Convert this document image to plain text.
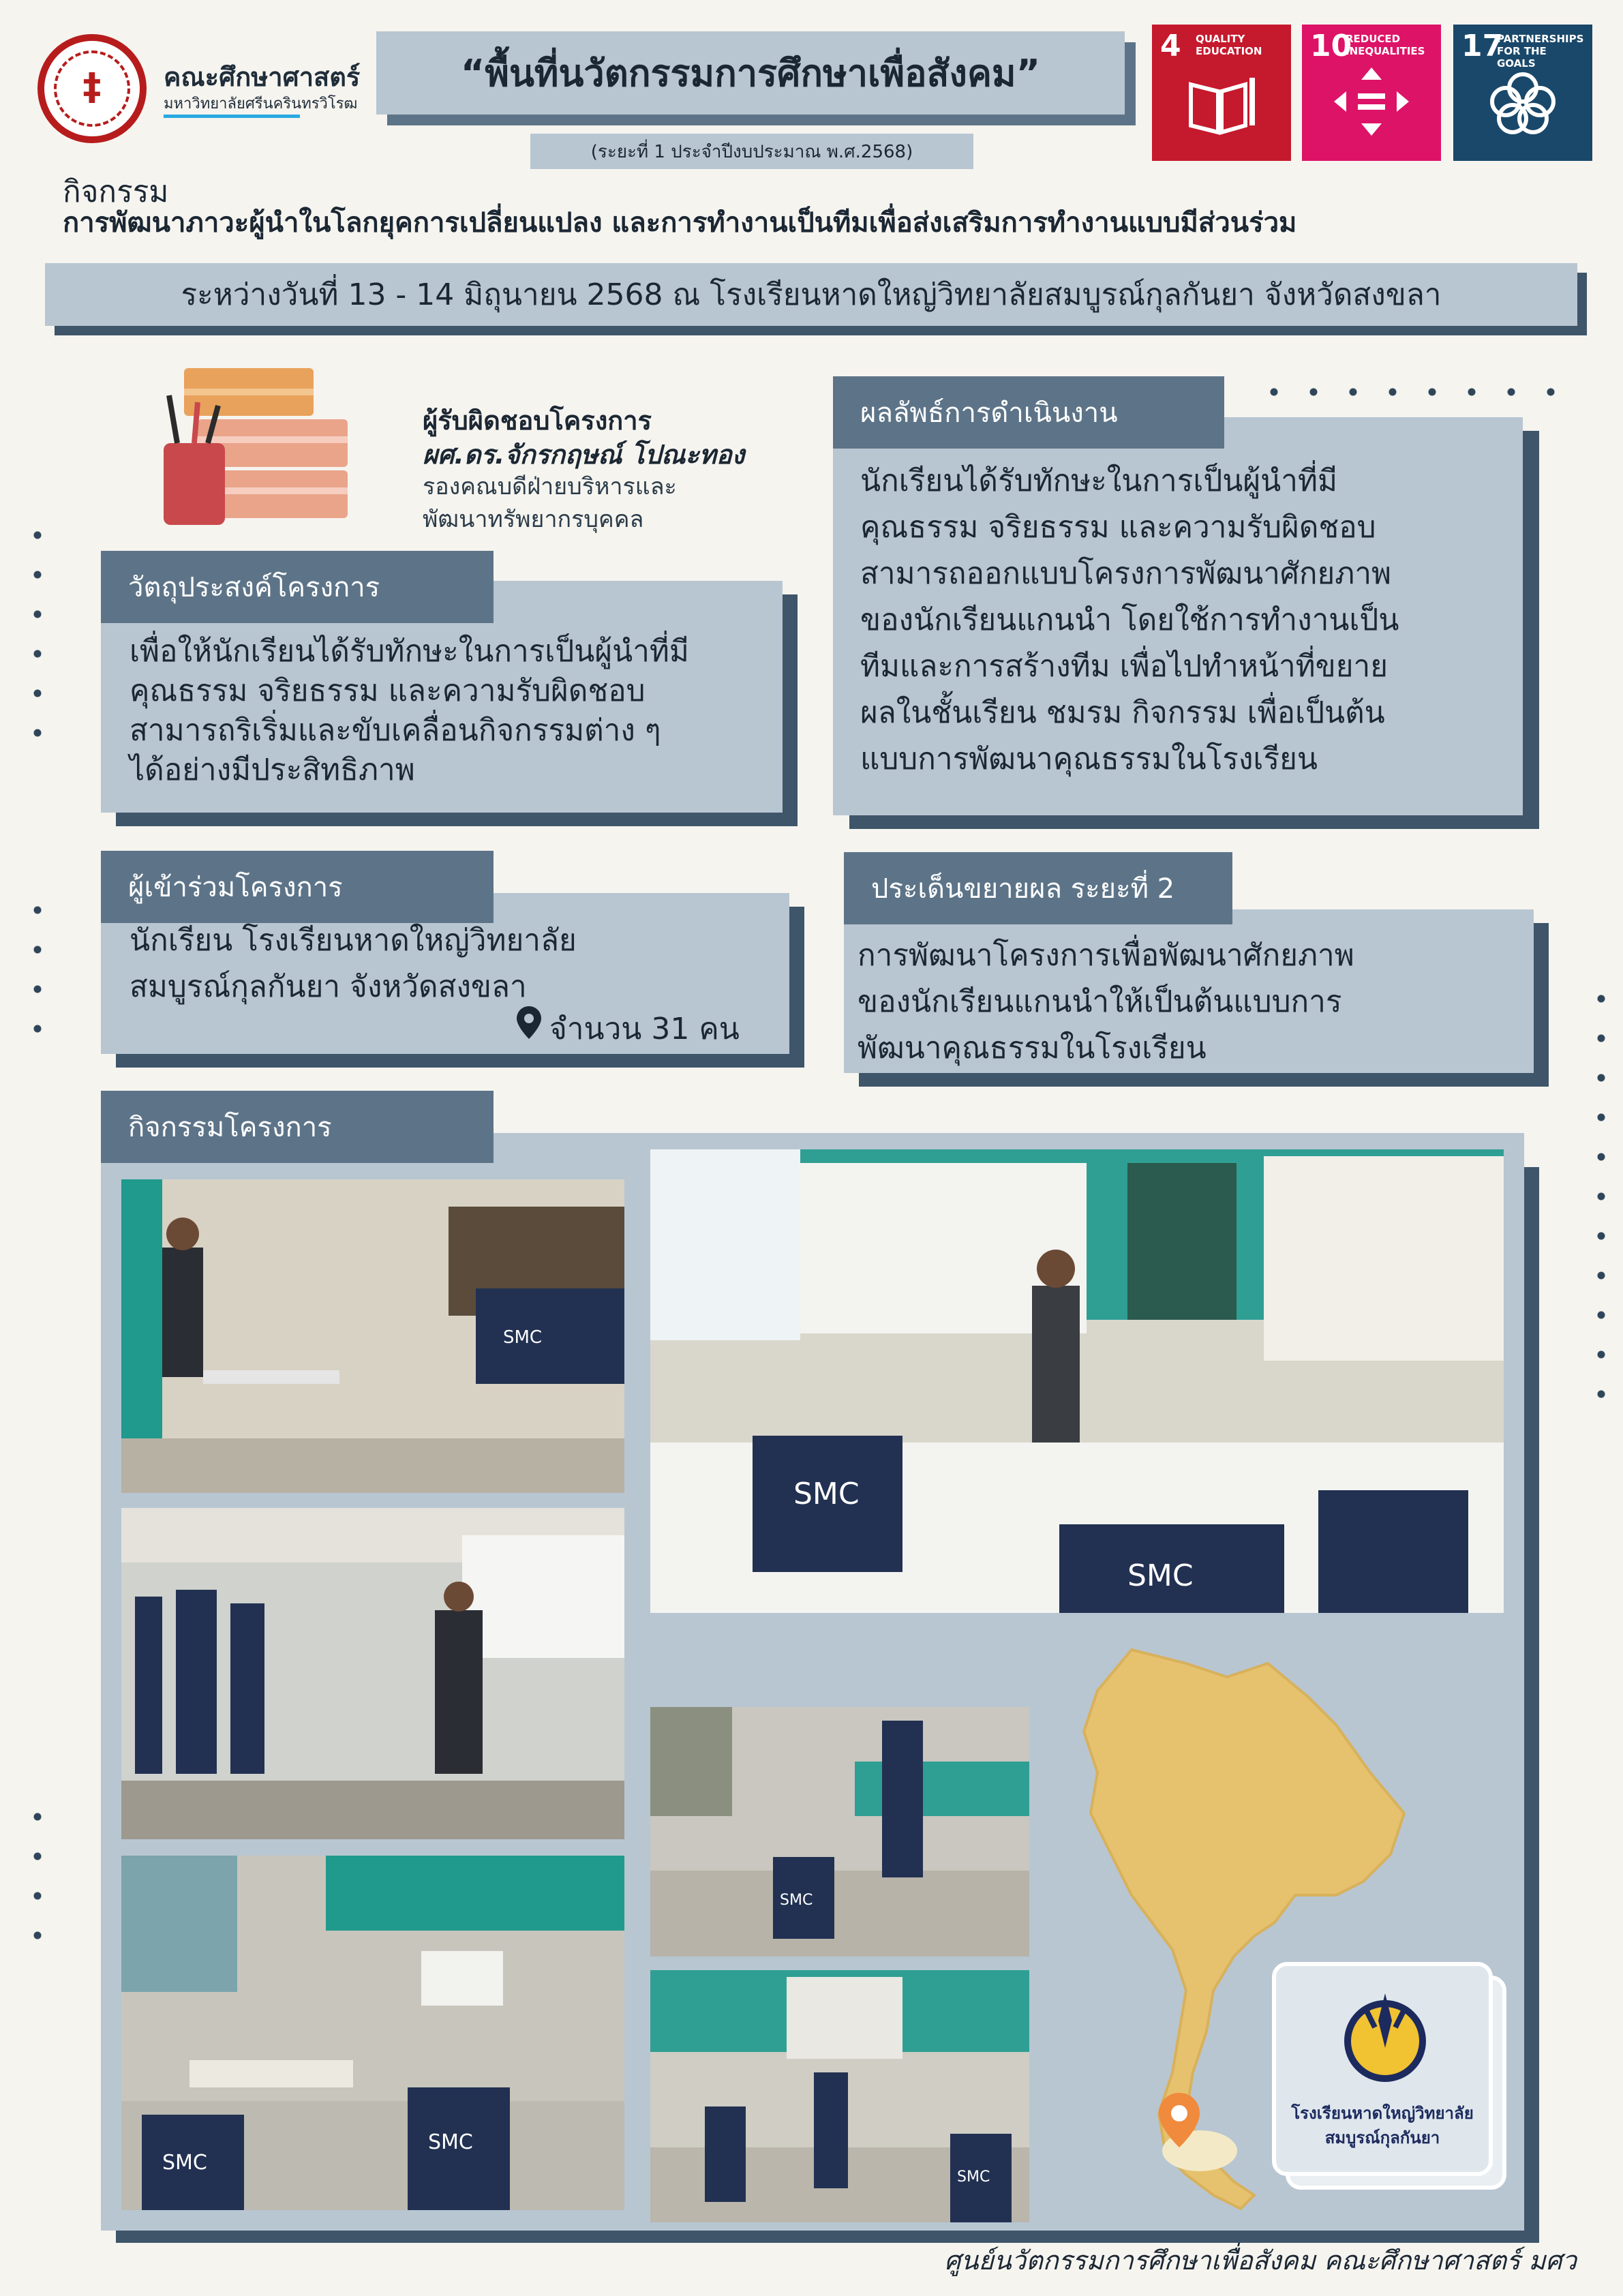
‡	คณะศึกษาศาสตร์
มหาวิทยาลัยศรีนครินทรวิโรฒ
“พื้นที่นวัตกรรมการศึกษาเพื่อสังคม”
(ระยะที่ 1 ประจำปีงบประมาณ พ.ศ.2568)
4 QUALITY EDUCATION	10
REDUCED INEQUALITIES 17
PARTNERSHIPS FOR THE GOALS
กิจกรรม
การพัฒนาภาวะผู้นำในโลกยุคการเปลี่ยนแปลง และการทำงานเป็นทีมเพื่อส่งเสริมการทำงานแบบมีส่วนร่วม
ระหว่างวันที่ 13 - 14 มิถุนายน 2568 ณ โรงเรียนหาดใหญ่วิทยาลัยสมบูรณ์กุลกันยา จังหวัดสงขลา
ผู้รับผิดชอบโครงการ
ผศ.ดร.จักรกฤษณ์ โปณะทอง
รองคณบดีฝ่ายบริหารและ
พัฒนาทรัพยากรบุคคล
เพื่อให้นักเรียนได้รับทักษะในการเป็นผู้นำที่มี
คุณธรรม จริยธรรม และความรับผิดชอบ
สามารถริเริ่มและขับเคลื่อนกิจกรรมต่าง ๆ
ได้อย่างมีประสิทธิภาพ
วัตถุประสงค์โครงการ
นักเรียนได้รับทักษะในการเป็นผู้นำที่มี
คุณธรรม จริยธรรม และความรับผิดชอบ
สามารถออกแบบโครงการพัฒนาศักยภาพ
ของนักเรียนแกนนำ โดยใช้การทำงานเป็น
ทีมและการสร้างทีม เพื่อไปทำหน้าที่ขยาย
ผลในชั้นเรียน ชมรม กิจกรรม เพื่อเป็นต้น
แบบการพัฒนาคุณธรรมในโรงเรียน
ผลลัพธ์การดำเนินงาน
นักเรียน โรงเรียนหาดใหญ่วิทยาลัย
สมบูรณ์กุลกันยา จังหวัดสงขลา
จำนวน 31 คน
ผู้เข้าร่วมโครงการ
การพัฒนาโครงการเพื่อพัฒนาศักยภาพ
ของนักเรียนแกนนำให้เป็นต้นแบบการ
พัฒนาคุณธรรมในโรงเรียน
ประเด็นขยายผล ระยะที่ 2
กิจกรรมโครงการ
SMC
SMC
SMC
SMC
SMC
SMC
SMC
โรงเรียนหาดใหญ่วิทยาลัย
สมบูรณ์กุลกันยา
ศูนย์นวัตกรรมการศึกษาเพื่อสังคม คณะศึกษาศาสตร์ มศว
